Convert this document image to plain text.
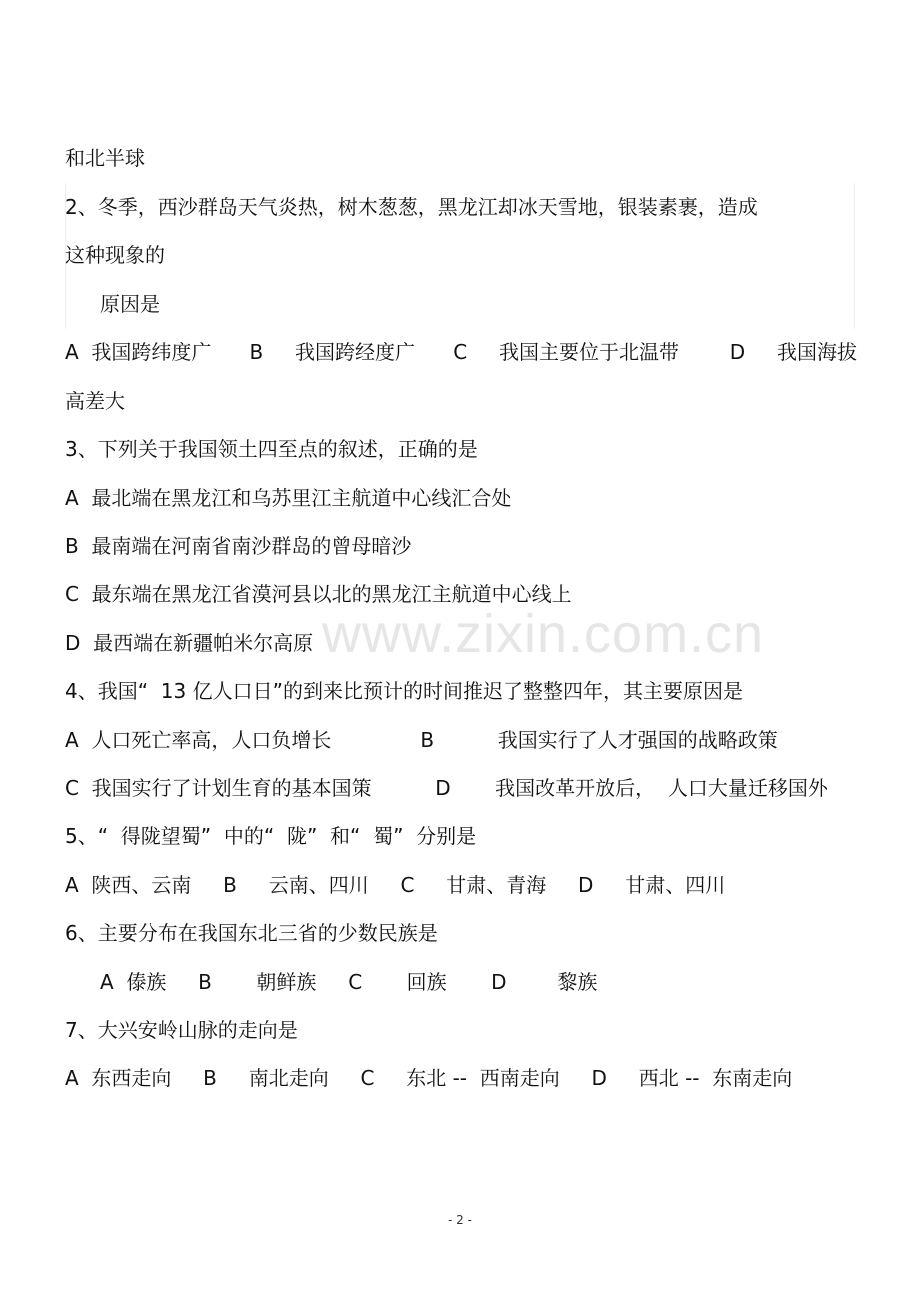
www.zixin.com.cn
和北半球
2、冬季，西沙群岛天气炎热，树木葱葱，黑龙江却冰天雪地，银装素裹，造成
这种现象的
原因是
A  我国跨纬度广      B     我国跨经度广      C     我国主要位于北温带        D     我国海拔
高差大
3、下列关于我国领土四至点的叙述，正确的是
A  最北端在黑龙江和乌苏里江主航道中心线汇合处
B  最南端在河南省南沙群岛的曾母暗沙
C  最东端在黑龙江省漠河县以北的黑龙江主航道中心线上
D  最西端在新疆帕米尔高原
4、我国“  13 亿人口日”的到来比预计的时间推迟了整整四年，其主要原因是
A  人口死亡率高，人口负增长              B          我国实行了人才强国的战略政策
C  我国实行了计划生育的基本国策          D       我国改革开放后，  人口大量迁移国外
5、“  得陇望蜀”  中的“  陇”  和“  蜀”  分别是
A  陕西、云南     B     云南、四川     C     甘肃、青海     D     甘肃、四川
6、主要分布在我国东北三省的少数民族是
A  傣族     B       朝鲜族     C       回族       D        黎族
7、大兴安岭山脉的走向是
A  东西走向     B     南北走向     C     东北 --  西南走向     D     西北 --  东南走向
- 2 -
